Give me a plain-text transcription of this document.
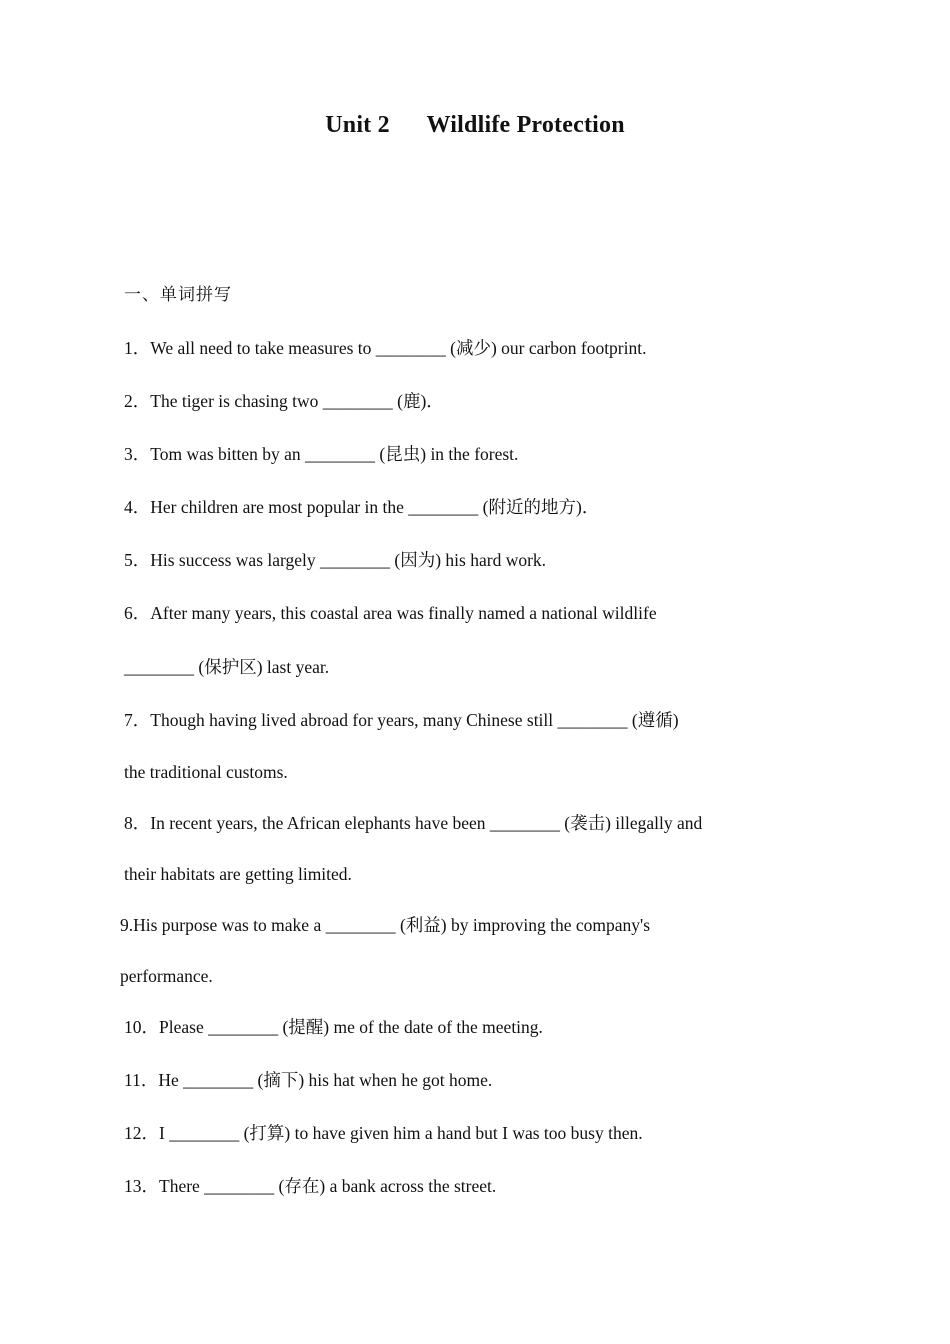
Unit 2      Wildlife Protection
一、单词拼写
1．We all need to take measures to ________ (减少) our carbon footprint.
2．The tiger is chasing two ________ (鹿)．
3．Tom was bitten by an ________ (昆虫) in the forest.
4．Her children are most popular in the ________ (附近的地方)．
5．His success was largely ________ (因为) his hard work.
6．After many years, this coastal area was finally named a national wildlife
________ (保护区) last year.
7．Though having lived abroad for years, many Chinese still ________ (遵循)
the traditional customs.
8．In recent years, the African elephants have been ________ (袭击) illegally and
their habitats are getting limited.
9.His purpose was to make a ________ (利益) by improving the company's
performance.
10．Please ________ (提醒) me of the date of the meeting.
11．He ________ (摘下) his hat when he got home.
12．I ________ (打算) to have given him a hand but I was too busy then.
13．There ________ (存在) a bank across the street.
